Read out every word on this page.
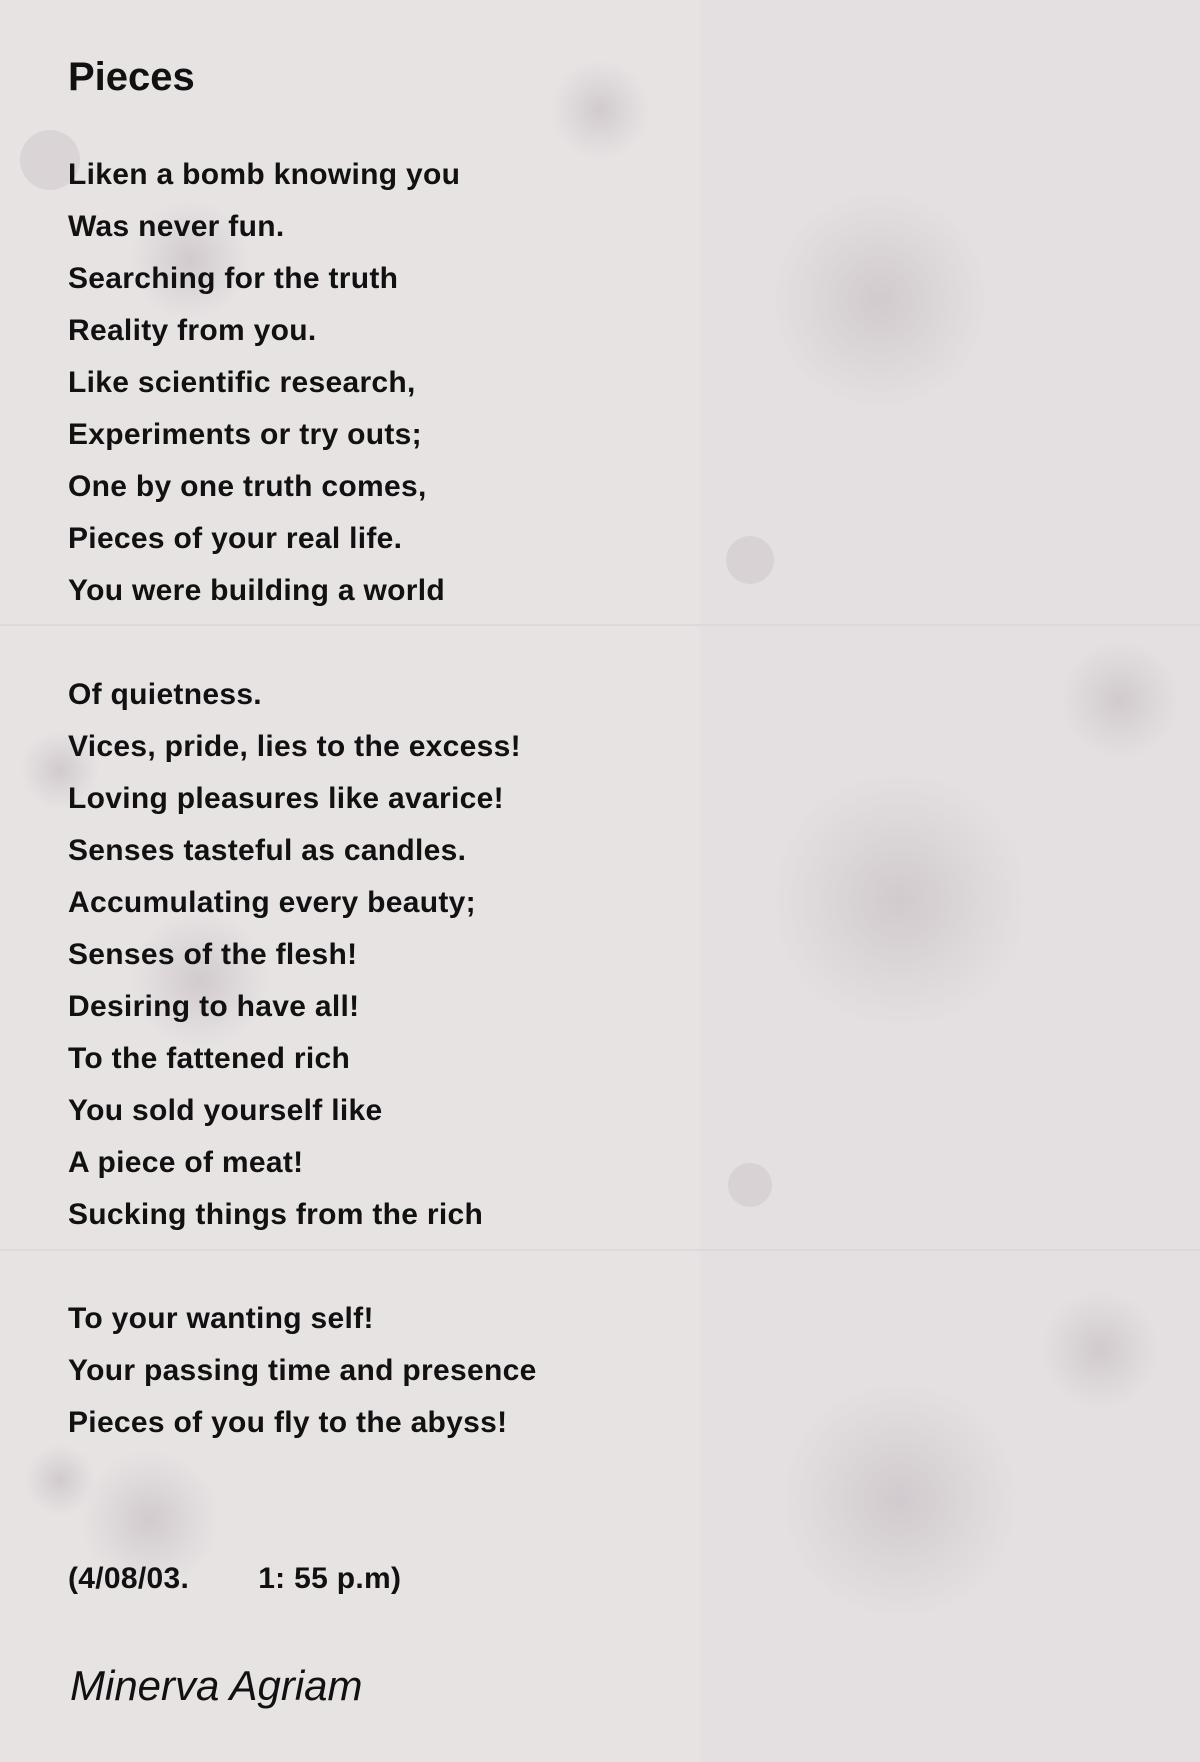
Pieces
Liken a bomb knowing you
Was never fun.
Searching for the truth
Reality from you.
Like scientific research,
Experiments or try outs;
One by one truth comes,
Pieces of your real life.
You were building a world
Of quietness.
Vices, pride, lies to the excess!
Loving pleasures like avarice!
Senses tasteful as candles.
Accumulating every beauty;
Senses of the flesh!
Desiring to have all!
To the fattened rich
You sold yourself like
A piece of meat!
Sucking things from the rich
To your wanting self!
Your passing time and presence
Pieces of you fly to the abyss!
(4/08/03.        1: 55 p.m)
Minerva Agriam
